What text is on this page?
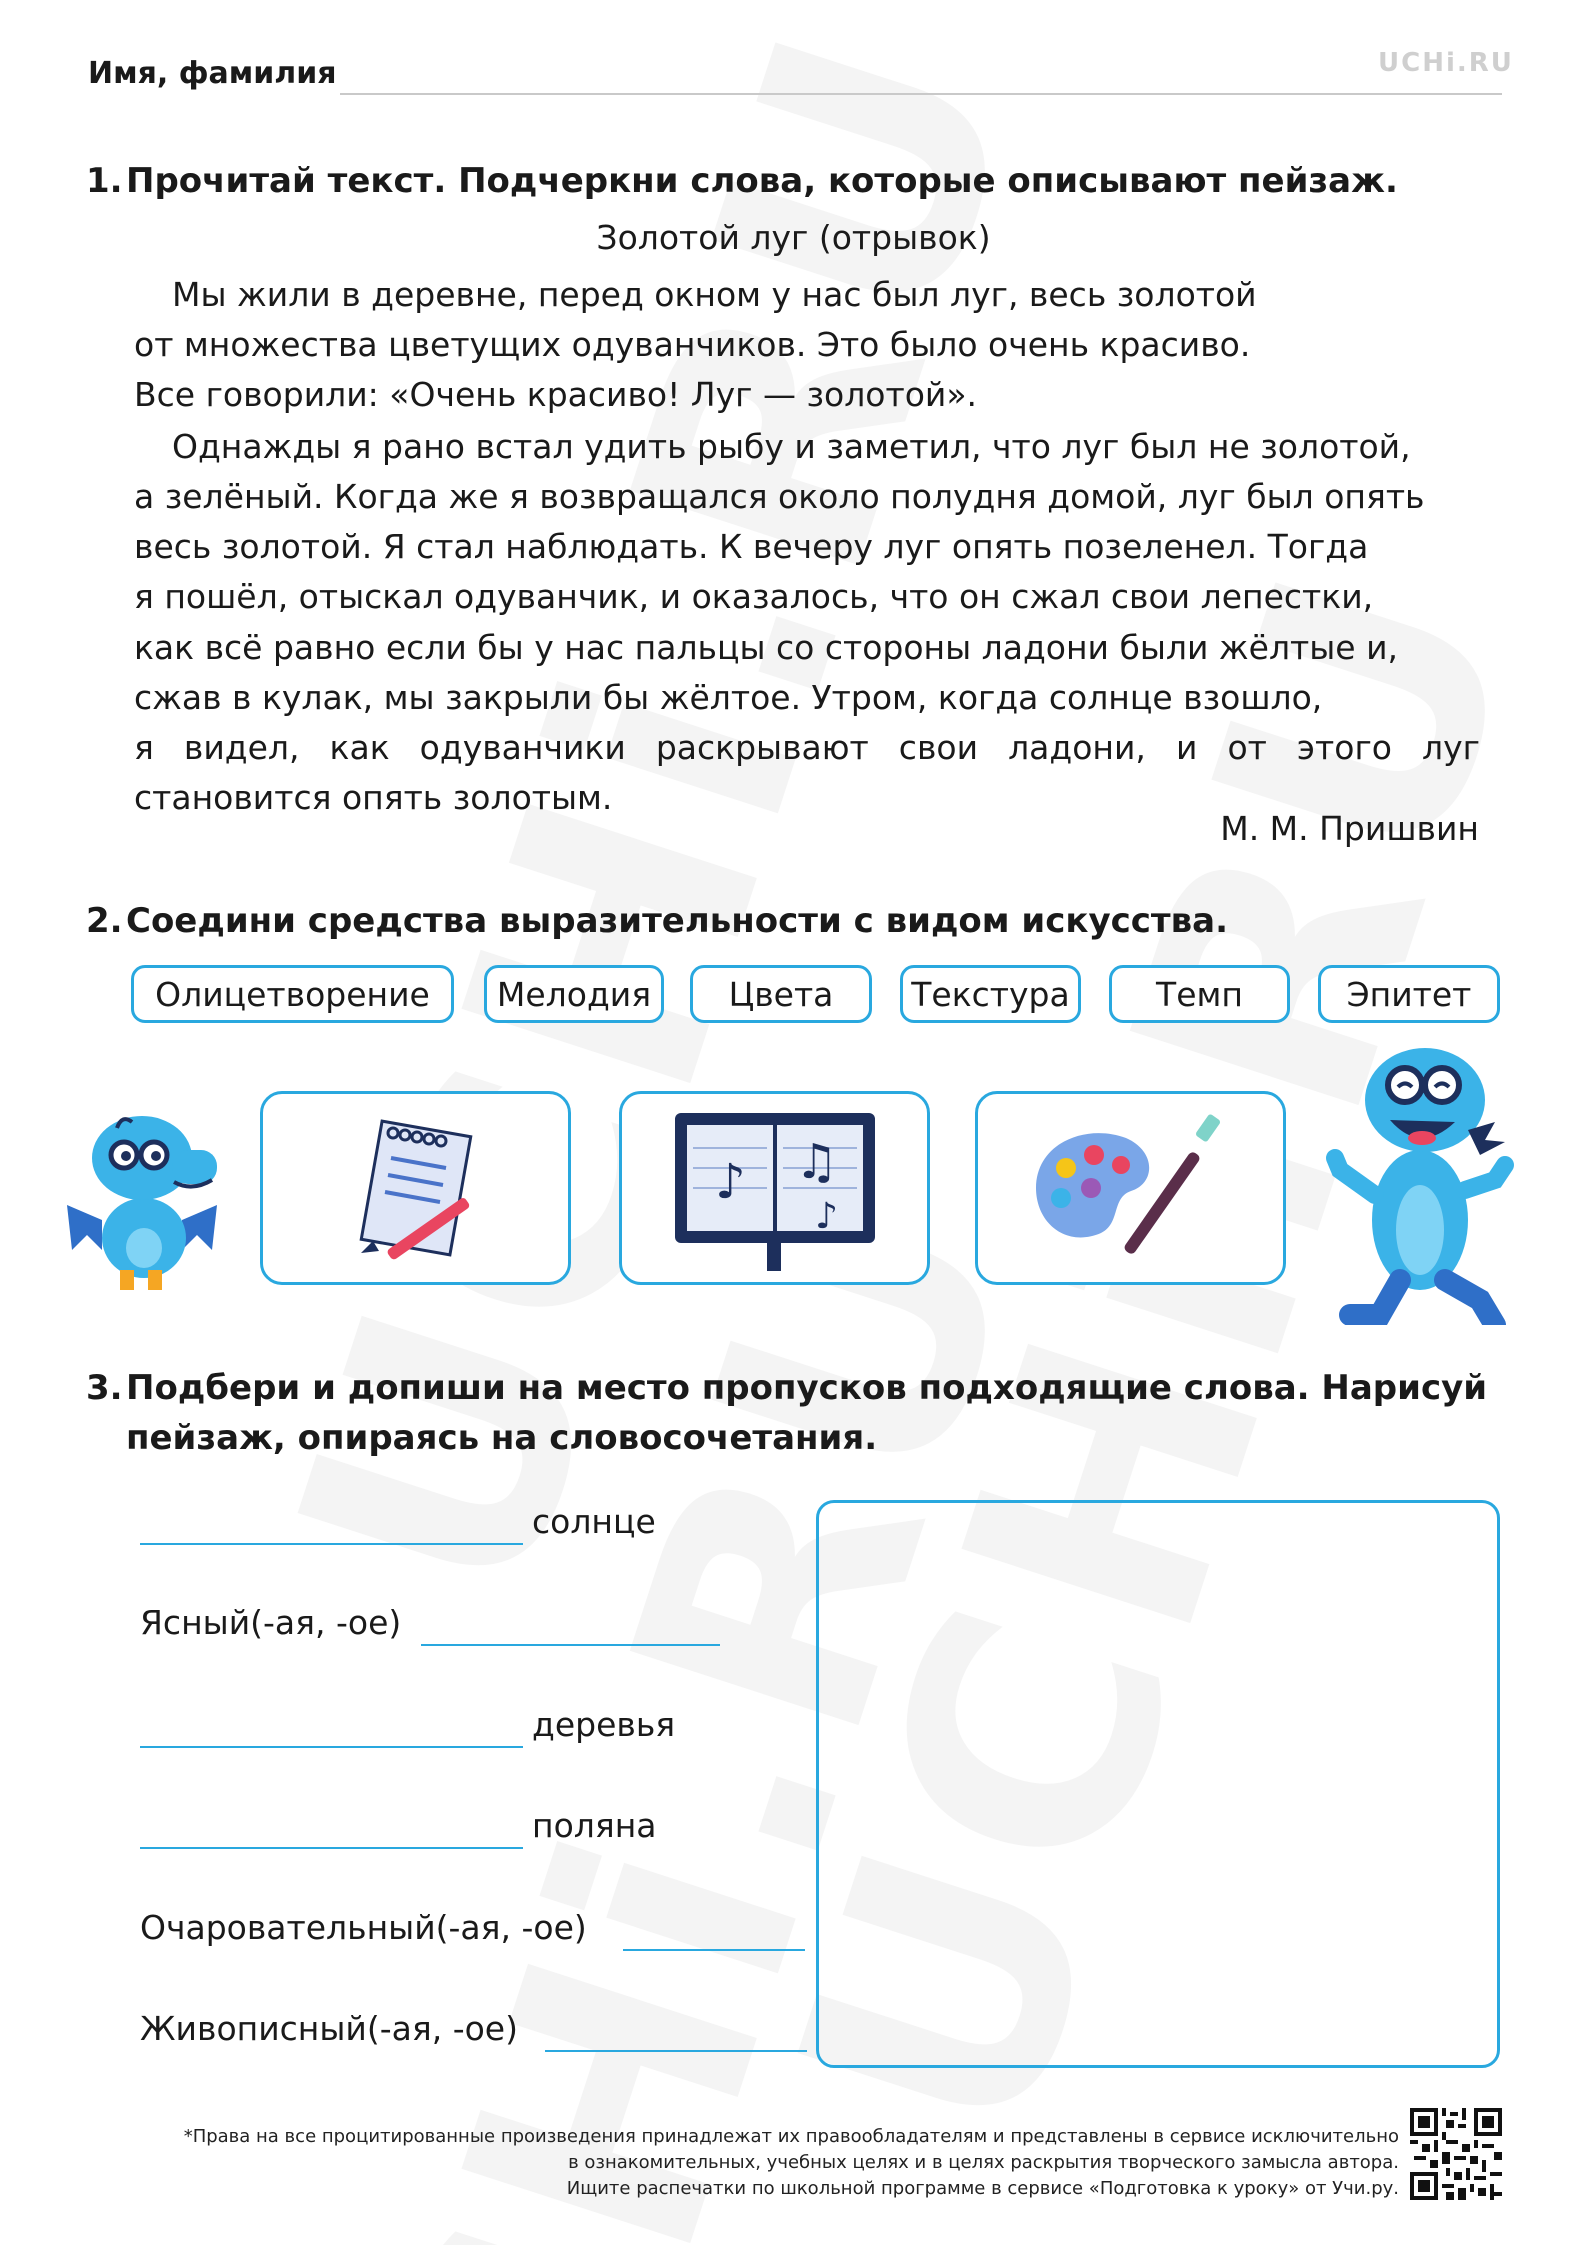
Имя, фамилия	UCHi.RU
1. Прочитай текст. Подчеркни слова, которые описывают пейзаж.
Золотой луг (отрывок)
Мы жили в деревне, перед окном у нас был луг, весь золотой
от множества цветущих одуванчиков. Это было очень красиво.
Все говорили: «Очень красиво! Луг — золотой».
Однажды я рано встал удить рыбу и заметил, что луг был не золотой,
а зелёный. Когда же я возвращался около полудня домой, луг был опять
весь золотой. Я стал наблюдать. К вечеру луг опять позеленел. Тогда
я пошёл, отыскал одуванчик, и оказалось, что он сжал свои лепестки,
как всё равно если бы у нас пальцы со стороны ладони были жёлтые и,
сжав в кулак, мы закрыли бы жёлтое. Утром, когда солнце взошло,
я видел, как одуванчики раскрывают свои ладони, и от этого луг
становится опять золотым.
М. М. Пришвин
2. Соедини средства выразительности с видом искусства.
Олицетворение	Мелодия	Цвета	Текстура	Темп	Эпитет
♪ ♫
♪
3. Подбери и допиши на место пропусков подходящие слова. Нарисуй
пейзаж, опираясь на словосочетания.
солнце
Ясный(-ая, -ое)
деревья
поляна
Очаровательный(-ая, -ое)
Живописный(-ая, -ое)
*Права на все процитированные произведения принадлежат их правообладателям и представлены в сервисе исключительно
в ознакомительных, учебных целях и в целях раскрытия творческого замысла автора.
Ищите распечатки по школьной программе в сервисе «Подготовка к уроку» от Учи.ру.
